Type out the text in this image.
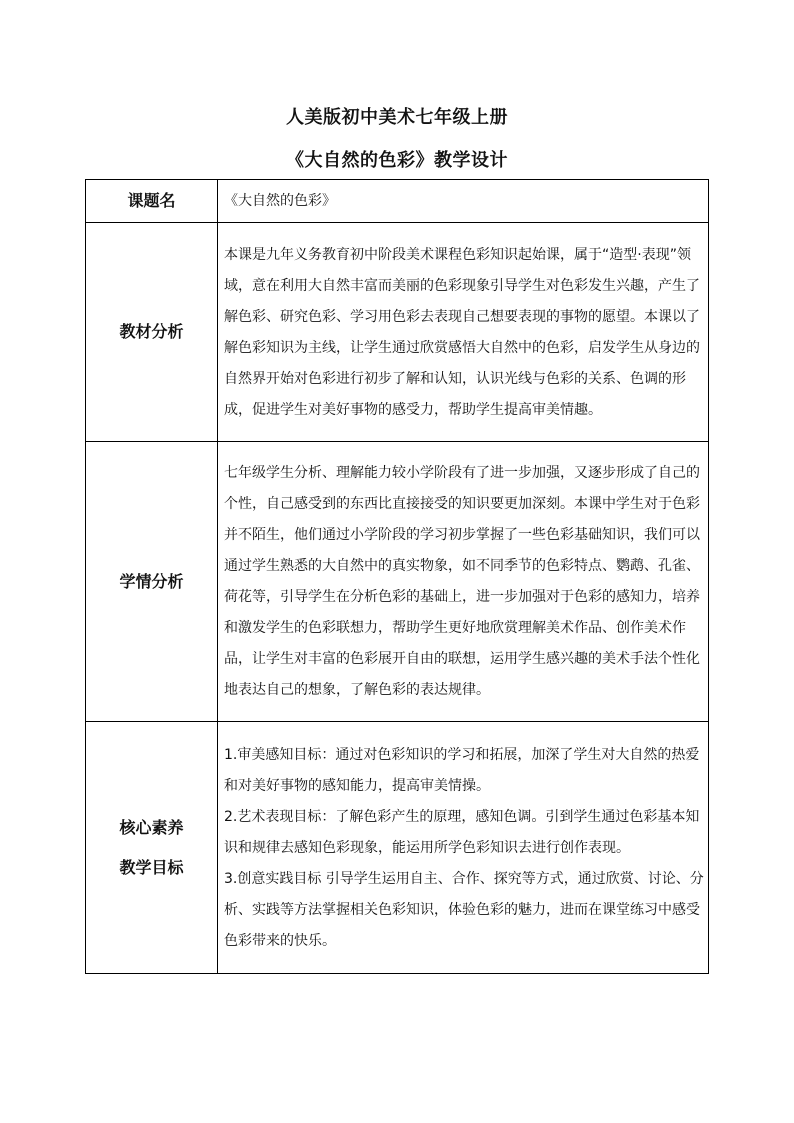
人美版初中美术七年级上册
《大自然的色彩》教学设计
课题名	《大自然的色彩》

教材分析	本课是九年义务教育初中阶段美术课程色彩知识起始课，属于“造型·表现”领域，意在利用大自然丰富而美丽的色彩现象引导学生对色彩发生兴趣，产生了解色彩、研究色彩、学习用色彩去表现自己想要表现的事物的愿望。本课以了解色彩知识为主线，让学生通过欣赏感悟大自然中的色彩，启发学生从身边的自然界开始对色彩进行初步了解和认知，认识光线与色彩的关系、色调的形成，促进学生对美好事物的感受力，帮助学生提高审美情趣。

学情分析	七年级学生分析、理解能力较小学阶段有了进一步加强，又逐步形成了自己的个性，自己感受到的东西比直接接受的知识要更加深刻。本课中学生对于色彩并不陌生，他们通过小学阶段的学习初步掌握了一些色彩基础知识，我们可以通过学生熟悉的大自然中的真实物象，如不同季节的色彩特点、鹦鹉、孔雀、荷花等，引导学生在分析色彩的基础上，进一步加强对于色彩的感知力，培养和激发学生的色彩联想力，帮助学生更好地欣赏理解美术作品、创作美术作品，让学生对丰富的色彩展开自由的联想，运用学生感兴趣的美术手法个性化地表达自己的想象，了解色彩的表达规律。

核心素养
教学目标	1.审美感知目标：通过对色彩知识的学习和拓展，加深了学生对大自然的热爱和对美好事物的感知能力，提高审美情操。
2.艺术表现目标：了解色彩产生的原理，感知色调。引到学生通过色彩基本知识和规律去感知色彩现象，能运用所学色彩知识去进行创作表现。
3.创意实践目标 引导学生运用自主、合作、探究等方式，通过欣赏、讨论、分析、实践等方法掌握相关色彩知识，体验色彩的魅力，进而在课堂练习中感受色彩带来的快乐。
